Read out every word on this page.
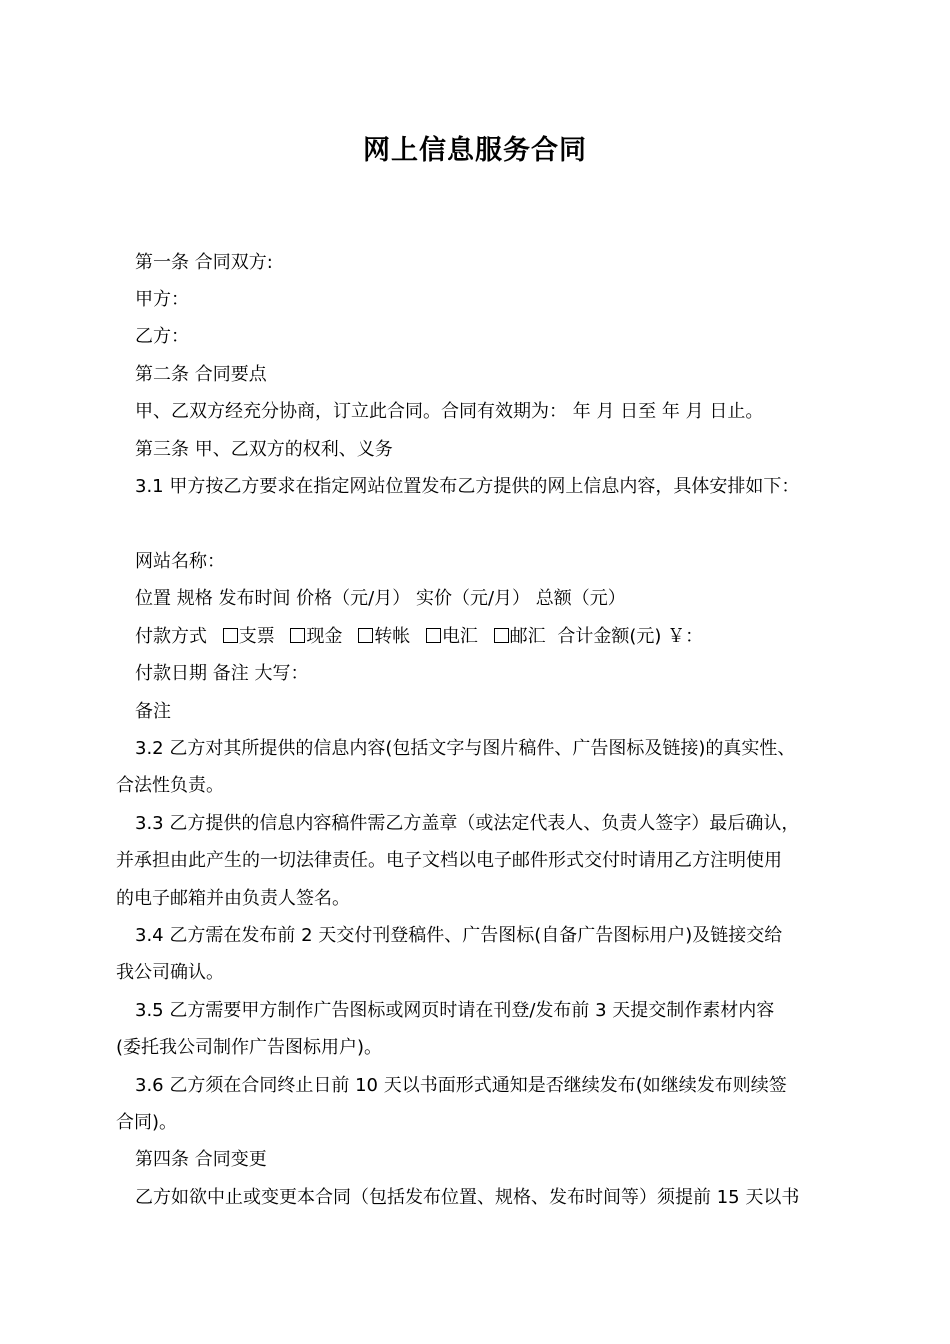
网上信息服务合同
第一条 合同双方:
甲方：
乙方：
第二条 合同要点
甲、乙双方经充分协商，订立此合同。合同有效期为： 年 月 日至 年 月 日止。
第三条 甲、乙双方的权利、义务
3.1 甲方按乙方要求在指定网站位置发布乙方提供的网上信息内容，具体安排如下：
网站名称：
位置 规格 发布时间 价格（元/月） 实价（元/月） 总额（元）
付款方式 支票 现金 转帐 电汇 邮汇 合计金额(元) ￥：
付款日期 备注 大写：
备注
3.2 乙方对其所提供的信息内容(包括文字与图片稿件、广告图标及链接)的真实性、
合法性负责。
3.3 乙方提供的信息内容稿件需乙方盖章（或法定代表人、负责人签字）最后确认，
并承担由此产生的一切法律责任。电子文档以电子邮件形式交付时请用乙方注明使用
的电子邮箱并由负责人签名。
3.4 乙方需在发布前 2 天交付刊登稿件、广告图标(自备广告图标用户)及链接交给
我公司确认。
3.5 乙方需要甲方制作广告图标或网页时请在刊登/发布前 3 天提交制作素材内容
(委托我公司制作广告图标用户)。
3.6 乙方须在合同终止日前 10 天以书面形式通知是否继续发布(如继续发布则续签
合同)。
第四条 合同变更
乙方如欲中止或变更本合同（包括发布位置、规格、发布时间等）须提前 15 天以书
